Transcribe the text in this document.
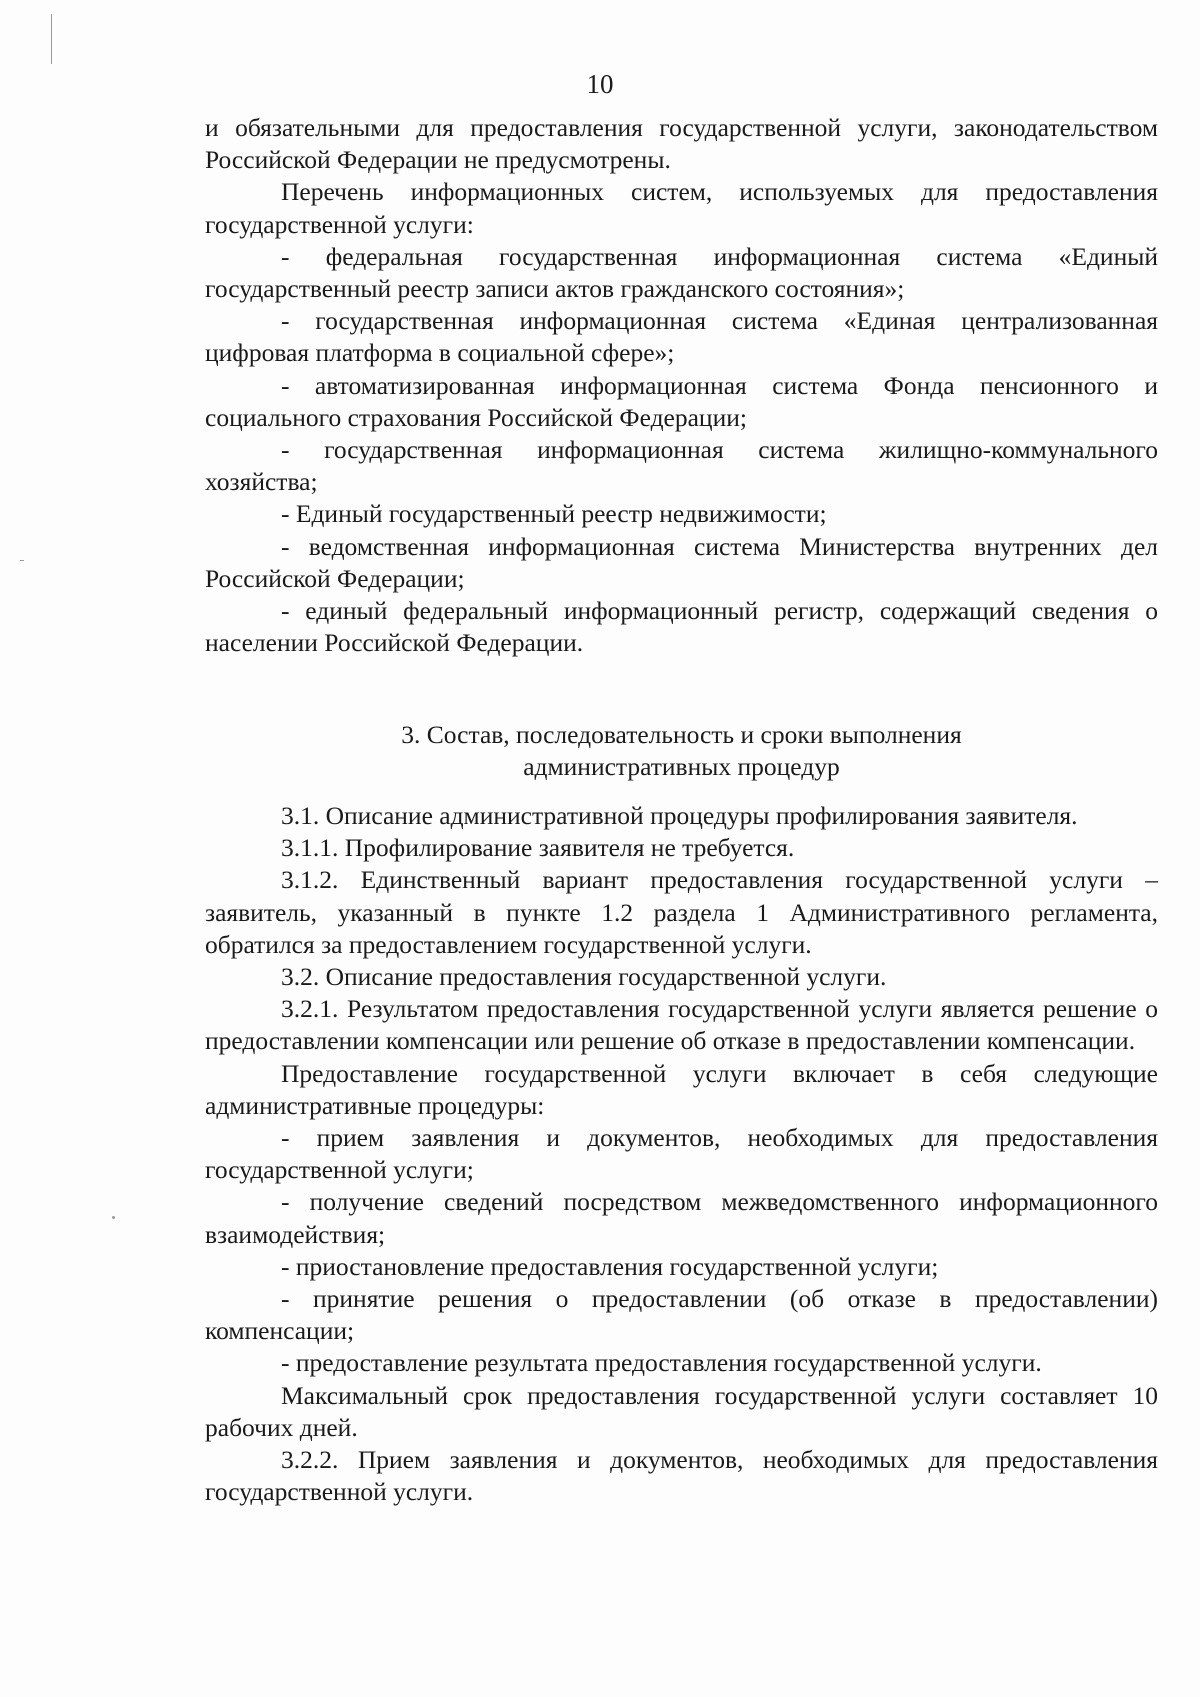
10

и обязательными для предоставления государственной услуги, законодательством Российской Федерации не предусмотрены.

Перечень информационных систем, используемых для предоставления государственной услуги:

- федеральная государственная информационная система «Единый государственный реестр записи актов гражданского состояния»;

- государственная информационная система «Единая централизованная цифровая платформа в социальной сфере»;

- автоматизированная информационная система Фонда пенсионного и социального страхования Российской Федерации;

- государственная информационная система жилищно-коммунального хозяйства;

- Единый государственный реестр недвижимости;

- ведомственная информационная система Министерства внутренних дел Российской Федерации;

- единый федеральный информационный регистр, содержащий сведения о населении Российской Федерации.

3. Состав, последовательность и сроки выполнения

административных процедур

3.1. Описание административной процедуры профилирования заявителя.

3.1.1. Профилирование заявителя не требуется.

3.1.2. Единственный вариант предоставления государственной услуги – заявитель, указанный в пункте 1.2 раздела 1 Административного регламента, обратился за предоставлением государственной услуги.

3.2. Описание предоставления государственной услуги.

3.2.1. Результатом предоставления государственной услуги является решение о предоставлении компенсации или решение об отказе в предоставлении компенсации.

Предоставление государственной услуги включает в себя следующие административные процедуры:

- прием заявления и документов, необходимых для предоставления государственной услуги;

- получение сведений посредством межведомственного информационного взаимодействия;

- приостановление предоставления государственной услуги;

- принятие решения о предоставлении (об отказе в предоставлении) компенсации;

- предоставление результата предоставления государственной услуги.

Максимальный срок предоставления государственной услуги составляет 10 рабочих дней.

3.2.2. Прием заявления и документов, необходимых для предоставления государственной услуги.
